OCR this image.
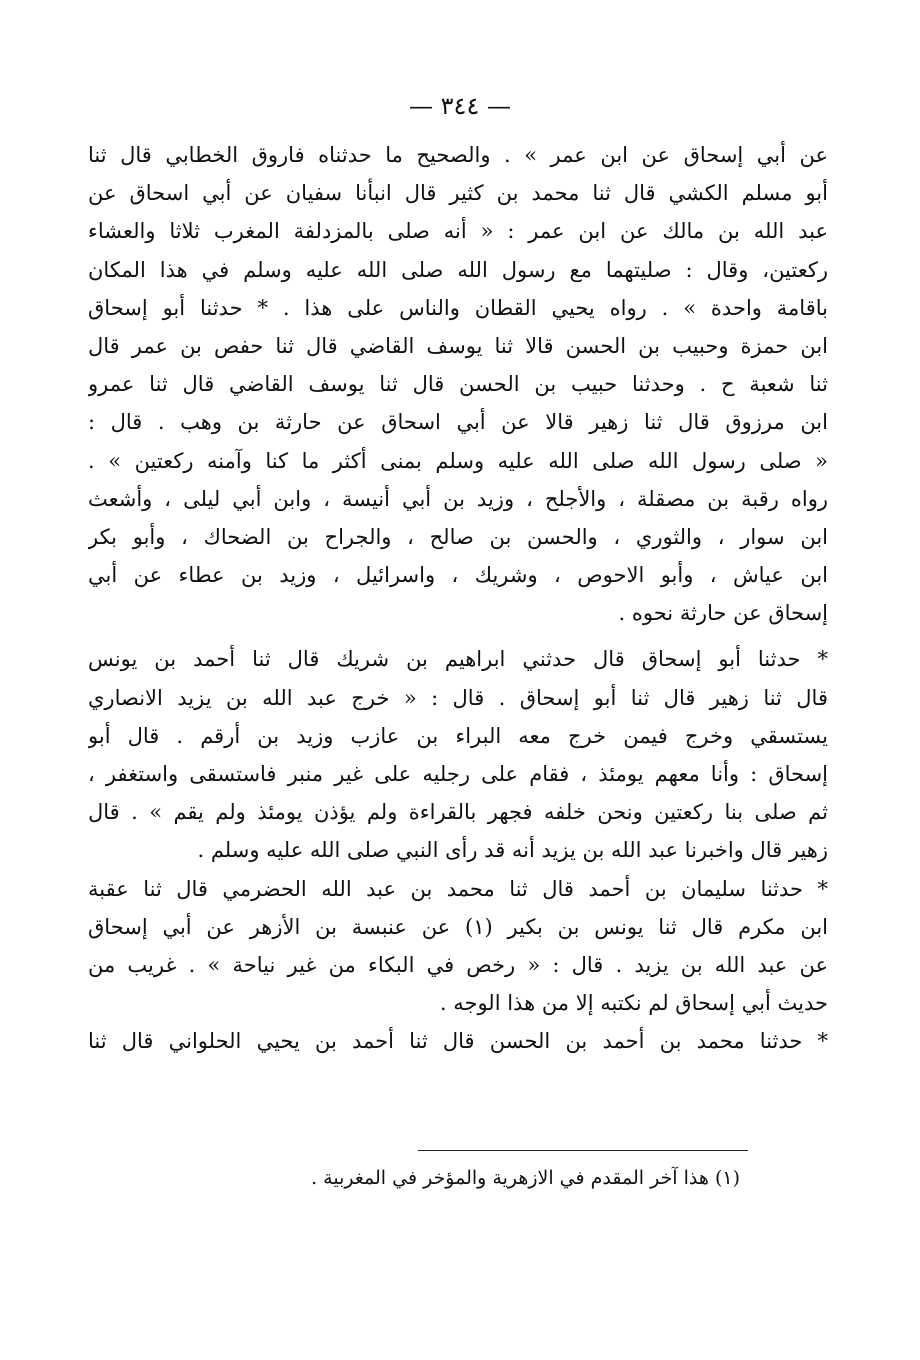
— ٣٤٤ —
عن أبي إسحاق عن ابن عمر » . والصحيح ما حدثناه فاروق الخطابي قال ثنا
أبو مسلم الكشي قال ثنا محمد بن كثير قال انبأنا سفيان عن أبي اسحاق عن
عبد الله بن مالك عن ابن عمر : « أنه صلى بالمزدلفة المغرب ثلاثا والعشاء
ركعتين، وقال : صليتهما مع رسول الله صلى الله عليه وسلم في هذا المكان
باقامة واحدة » . رواه يحيي القطان والناس على هذا . * حدثنا أبو إسحاق
ابن حمزة وحبيب بن الحسن قالا ثنا يوسف القاضي قال ثنا حفص بن عمر قال
ثنا شعبة ح . وحدثنا حبيب بن الحسن قال ثنا يوسف القاضي قال ثنا عمرو
ابن مرزوق قال ثنا زهير قالا عن أبي اسحاق عن حارثة بن وهب . قال :
« صلى رسول الله صلى الله عليه وسلم بمنى أكثر ما كنا وآمنه ركعتين » .
رواه رقبة بن مصقلة ، والأجلح ، وزيد بن أبي أنيسة ، وابن أبي ليلى ، وأشعث
ابن سوار ، والثوري ، والحسن بن صالح ، والجراح بن الضحاك ، وأبو بكر
ابن عياش ، وأبو الاحوص ، وشريك ، واسرائيل ، وزيد بن عطاء عن أبي
إسحاق عن حارثة نحوه .
* حدثنا أبو إسحاق قال حدثني ابراهيم بن شريك قال ثنا أحمد بن يونس
قال ثنا زهير قال ثنا أبو إسحاق . قال : « خرج عبد الله بن يزيد الانصاري
يستسقي وخرج فيمن خرج معه البراء بن عازب وزيد بن أرقم . قال أبو
إسحاق : وأنا معهم يومئذ ، فقام على رجليه على غير منبر فاستسقى واستغفر ،
ثم صلى بنا ركعتين ونحن خلفه فجهر بالقراءة ولم يؤذن يومئذ ولم يقم » . قال
زهير قال واخبرنا عبد الله بن يزيد أنه قد رأى النبي صلى الله عليه وسلم .
* حدثنا سليمان بن أحمد قال ثنا محمد بن عبد الله الحضرمي قال ثنا عقبة
ابن مكرم قال ثنا يونس بن بكير (١) عن عنبسة بن الأزهر عن أبي إسحاق
عن عبد الله بن يزيد . قال : « رخص في البكاء من غير نياحة » . غريب من
حديث أبي إسحاق لم نكتبه إلا من هذا الوجه .
* حدثنا محمد بن أحمد بن الحسن قال ثنا أحمد بن يحيي الحلواني قال ثنا
(١) هذا آخر المقدم في الازهرية والمؤخر في المغربية .
